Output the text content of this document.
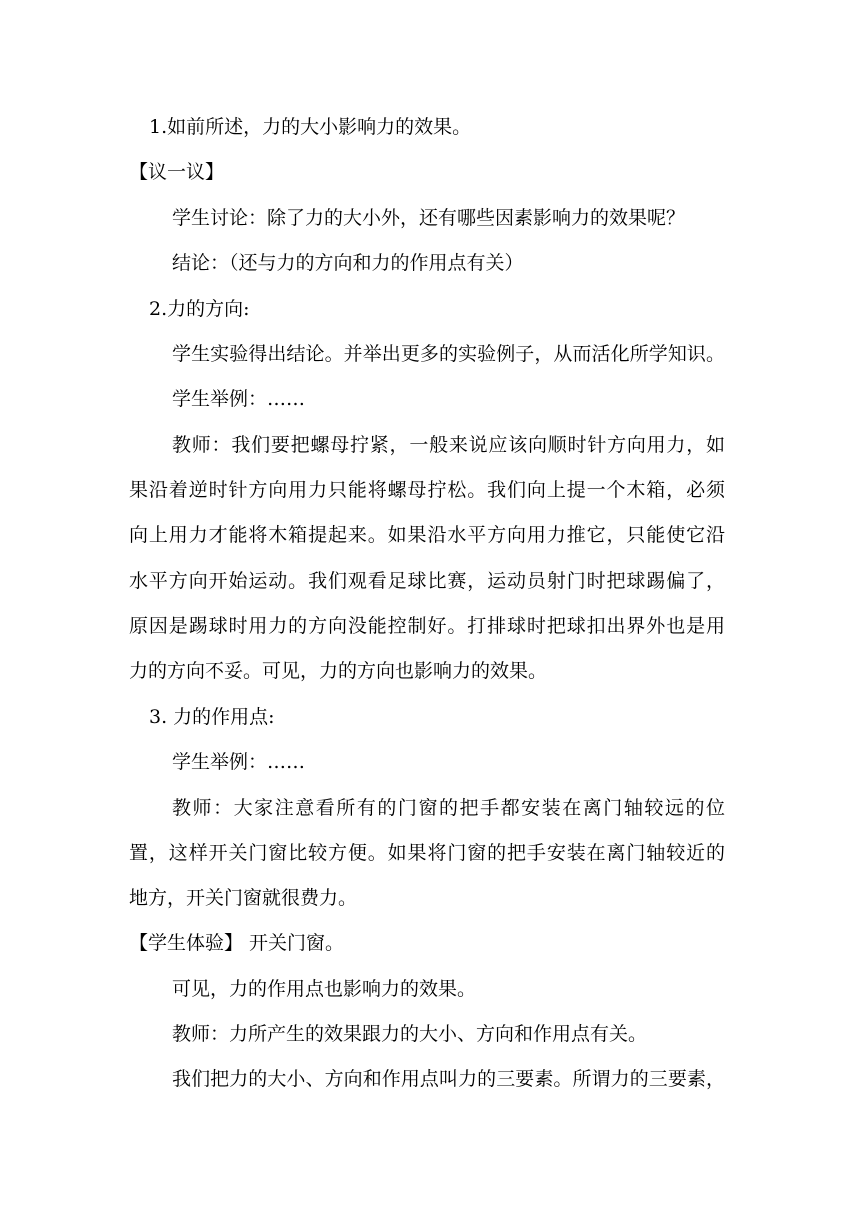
1.如前所述，力的大小影响力的效果。
【议一议】
学生讨论：除了力的大小外，还有哪些因素影响力的效果呢？
结论：（还与力的方向和力的作用点有关）
2.力的方向:
学生实验得出结论。并举出更多的实验例子，从而活化所学知识。
学生举例：……
教师：我们要把螺母拧紧，一般来说应该向顺时针方向用力，如
果沿着逆时针方向用力只能将螺母拧松。我们向上提一个木箱，必须
向上用力才能将木箱提起来。如果沿水平方向用力推它，只能使它沿
水平方向开始运动。我们观看足球比赛，运动员射门时把球踢偏了，
原因是踢球时用力的方向没能控制好。打排球时把球扣出界外也是用
力的方向不妥。可见，力的方向也影响力的效果。
3. 力的作用点:
学生举例：……
教师：大家注意看所有的门窗的把手都安装在离门轴较远的位
置，这样开关门窗比较方便。如果将门窗的把手安装在离门轴较近的
地方，开关门窗就很费力。
【学生体验】 开关门窗。
可见，力的作用点也影响力的效果。
教师：力所产生的效果跟力的大小、方向和作用点有关。
我们把力的大小、方向和作用点叫力的三要素。所谓力的三要素，
